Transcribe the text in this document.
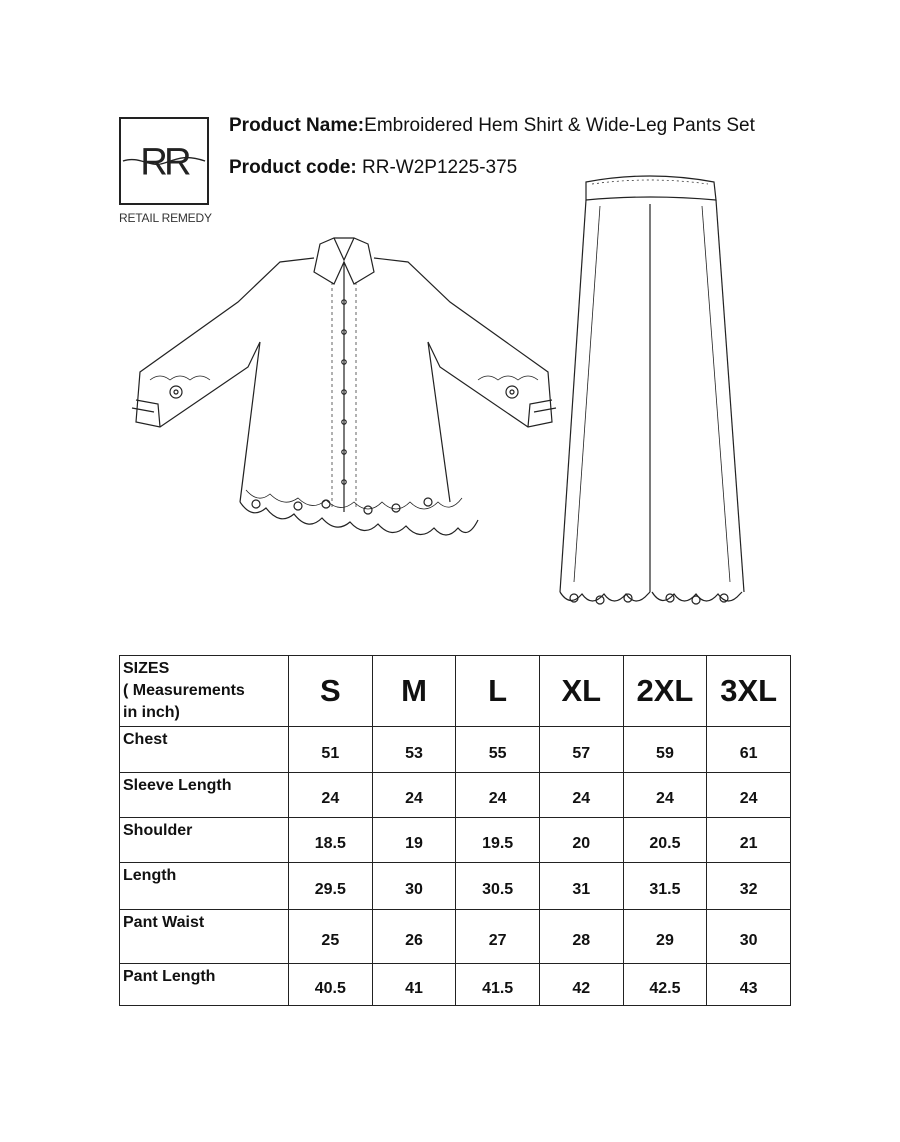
RR
RETAIL REMEDY
Product Name:Embroidered Hem Shirt & Wide-Leg Pants Set
Product code: RR-W2P1225-375
SIZES
( Measurements
in inch)	S	M	L	XL	2XL	3XL

Chest	51	53	55	57	59	61

Sleeve Length	24	24	24	24	24	24

Shoulder	18.5	19	19.5	20	20.5	21

Length	29.5	30	30.5	31	31.5	32

Pant Waist	25	26	27	28	29	30

Pant Length	40.5	41	41.5	42	42.5	43
